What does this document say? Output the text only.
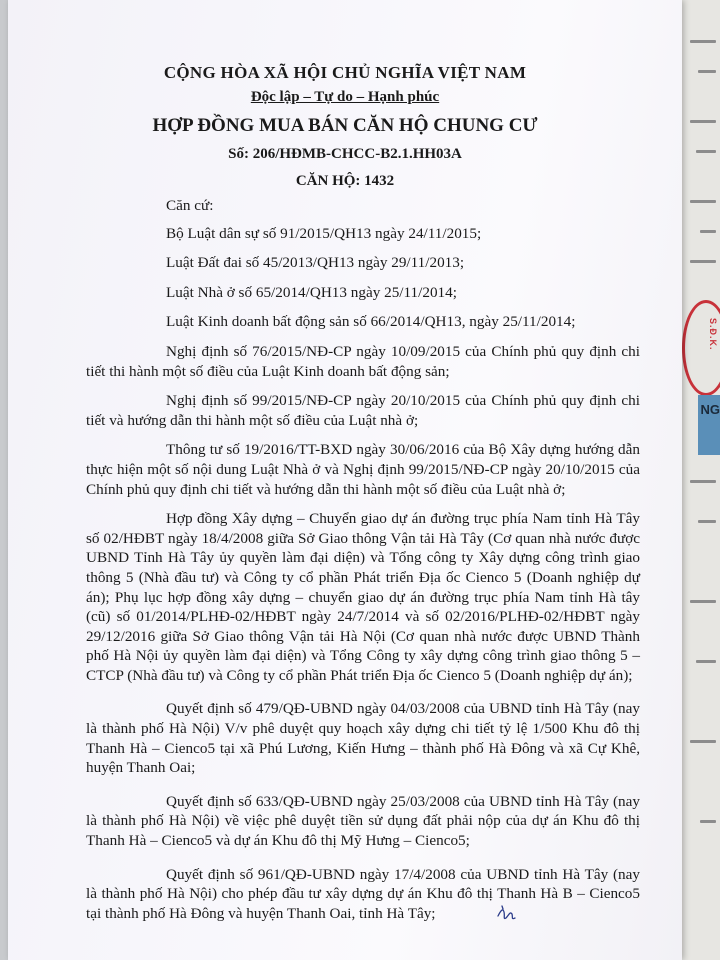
S.Đ.K.
NG
CỘNG HÒA XÃ HỘI CHỦ NGHĨA VIỆT NAM
Độc lập – Tự do – Hạnh phúc
HỢP ĐỒNG MUA BÁN CĂN HỘ CHUNG CƯ
Số: 206/HĐMB-CHCC-B2.1.HH03A
CĂN HỘ: 1432

Căn cứ:

Bộ Luật dân sự số 91/2015/QH13 ngày 24/11/2015;

Luật Đất đai số 45/2013/QH13 ngày 29/11/2013;

Luật Nhà ở số 65/2014/QH13 ngày 25/11/2014;

Luật Kinh doanh bất động sản số 66/2014/QH13, ngày 25/11/2014;

Nghị định số 76/2015/NĐ-CP ngày 10/09/2015 của Chính phủ quy định chi tiết thi hành một số điều của Luật Kinh doanh bất động sản;

Nghị định số 99/2015/NĐ-CP ngày 20/10/2015 của Chính phủ quy định chi tiết và hướng dẫn thi hành một số điều của Luật nhà ở;

Thông tư số 19/2016/TT-BXD ngày 30/06/2016 của Bộ Xây dựng hướng dẫn thực hiện một số nội dung Luật Nhà ở và Nghị định 99/2015/NĐ-CP ngày 20/10/2015 của Chính phủ quy định chi tiết và hướng dẫn thi hành một số điều của Luật nhà ở;

Hợp đồng Xây dựng – Chuyển giao dự án đường trục phía Nam tỉnh Hà Tây số 02/HĐBT ngày 18/4/2008 giữa Sở Giao thông Vận tải Hà Tây (Cơ quan nhà nước được UBND Tỉnh Hà Tây ủy quyền làm đại diện) và Tổng công ty Xây dựng công trình giao thông 5 (Nhà đầu tư) và Công ty cổ phần Phát triển Địa ốc Cienco 5 (Doanh nghiệp dự án); Phụ lục hợp đồng xây dựng – chuyển giao dự án đường trục phía Nam tỉnh Hà tây (cũ) số 01/2014/PLHĐ-02/HĐBT ngày 24/7/2014 và số 02/2016/PLHĐ-02/HĐBT ngày 29/12/2016 giữa Sở Giao thông Vận tải Hà Nội (Cơ quan nhà nước được UBND Thành phố Hà Nội ủy quyền làm đại diện) và Tổng Công ty xây dựng công trình giao thông 5 – CTCP (Nhà đầu tư) và Công ty cổ phần Phát triển Địa ốc Cienco 5 (Doanh nghiệp dự án);

Quyết định số 479/QĐ-UBND ngày 04/03/2008 của UBND tỉnh Hà Tây (nay là thành phố Hà Nội) V/v phê duyệt quy hoạch xây dựng chi tiết tỷ lệ 1/500 Khu đô thị Thanh Hà – Cienco5 tại xã Phú Lương, Kiến Hưng – thành phố Hà Đông và xã Cự Khê, huyện Thanh Oai;

Quyết định số 633/QĐ-UBND ngày 25/03/2008 của UBND tỉnh Hà Tây (nay là thành phố Hà Nội) về việc phê duyệt tiền sử dụng đất phải nộp của dự án Khu đô thị Thanh Hà – Cienco5 và dự án Khu đô thị Mỹ Hưng – Cienco5;

Quyết định số 961/QĐ-UBND ngày 17/4/2008 của UBND tỉnh Hà Tây (nay là thành phố Hà Nội) cho phép đầu tư xây dựng dự án Khu đô thị Thanh Hà B – Cienco5 tại thành phố Hà Đông và huyện Thanh Oai, tỉnh Hà Tây;
